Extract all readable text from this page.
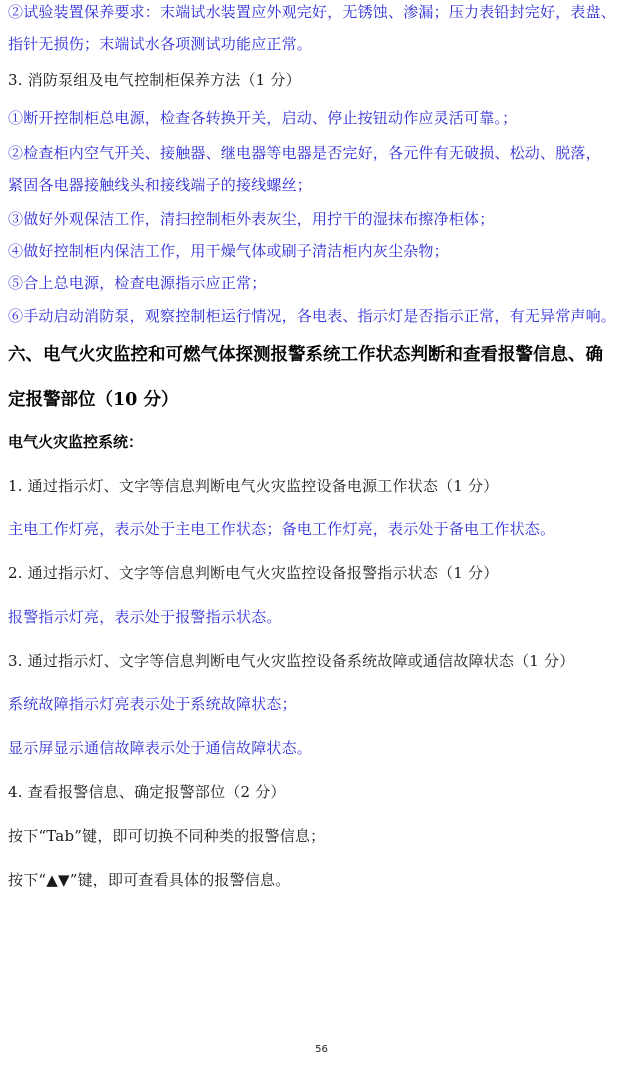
②试验装置保养要求：末端试水装置应外观完好，无锈蚀、渗漏；压力表铅封完好，表盘、
指针无损伤；末端试水各项测试功能应正常。
3. 消防泵组及电气控制柜保养方法（1 分）
①断开控制柜总电源，检查各转换开关，启动、停止按钮动作应灵活可靠。；
②检查柜内空气开关、接触器、继电器等电器是否完好，各元件有无破损、松动、脱落，
紧固各电器接触线头和接线端子的接线螺丝；
③做好外观保洁工作，清扫控制柜外表灰尘，用拧干的湿抹布擦净柜体；
④做好控制柜内保洁工作，用干燥气体或刷子清洁柜内灰尘杂物；
⑤合上总电源，检查电源指示应正常；
⑥手动启动消防泵，观察控制柜运行情况，各电表、指示灯是否指示正常，有无异常声响。
六、电气火灾监控和可燃气体探测报警系统工作状态判断和查看报警信息、确
定报警部位（10 分）
电气火灾监控系统：
1. 通过指示灯、文字等信息判断电气火灾监控设备电源工作状态（1 分）
主电工作灯亮，表示处于主电工作状态；备电工作灯亮，表示处于备电工作状态。
2. 通过指示灯、文字等信息判断电气火灾监控设备报警指示状态（1 分）
报警指示灯亮，表示处于报警指示状态。
3. 通过指示灯、文字等信息判断电气火灾监控设备系统故障或通信故障状态（1 分）
系统故障指示灯亮表示处于系统故障状态；
显示屏显示通信故障表示处于通信故障状态。
4. 查看报警信息、确定报警部位（2 分）
按下“Tab”键，即可切换不同种类的报警信息；
按下“▲▼”键，即可查看具体的报警信息。
56
